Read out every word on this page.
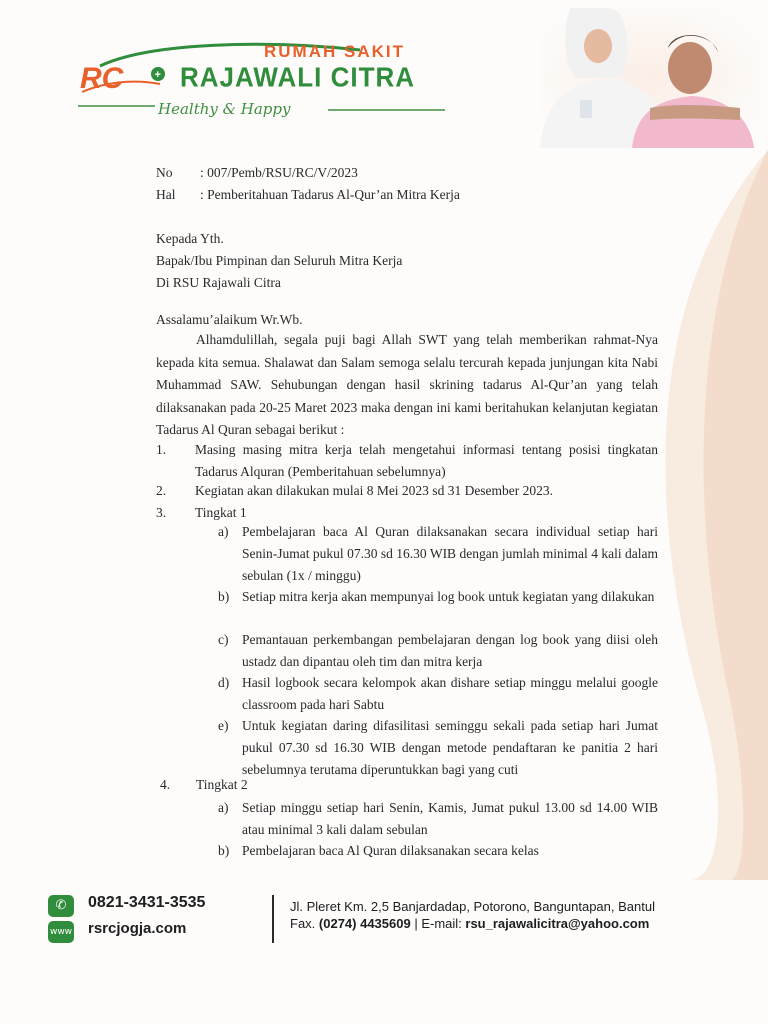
+
RC
RUMAH SAKIT
RAJAWALI CITRA
Healthy & Happy
No : 007/Pemb/RSU/RC/V/2023
Hal : Pemberitahuan Tadarus Al-Qur’an Mitra Kerja
Kepada Yth.
Bapak/Ibu Pimpinan dan Seluruh Mitra Kerja
Di RSU Rajawali Citra
Assalamu’alaikum Wr.Wb.
Alhamdulillah, segala puji bagi Allah SWT yang telah memberikan rahmat-Nya kepada kita semua. Shalawat dan Salam semoga selalu tercurah kepada junjungan kita Nabi Muhammad SAW. Sehubungan dengan hasil skrining tadarus Al-Qur’an yang telah dilaksanakan pada 20-25 Maret 2023 maka dengan ini kami beritahukan kelanjutan kegiatan Tadarus Al Quran sebagai berikut :
1. Masing masing mitra kerja telah mengetahui informasi tentang posisi tingkatan Tadarus Alquran (Pemberitahuan sebelumnya)
2. Kegiatan akan dilakukan mulai 8 Mei 2023 sd 31 Desember 2023.
3. Tingkat 1
a) Pembelajaran baca Al Quran dilaksanakan secara individual setiap hari Senin-Jumat pukul 07.30 sd 16.30 WIB dengan jumlah minimal 4 kali dalam sebulan (1x / minggu)
b) Setiap mitra kerja akan mempunyai log book untuk kegiatan yang dilakukan
c) Pemantauan perkembangan pembelajaran dengan log book yang diisi oleh ustadz dan dipantau oleh tim dan mitra kerja
d) Hasil logbook secara kelompok akan dishare setiap minggu melalui google classroom pada hari Sabtu
e) Untuk kegiatan daring difasilitasi seminggu sekali pada setiap hari Jumat pukul 07.30 sd 16.30 WIB dengan metode pendaftaran ke panitia 2 hari sebelumnya terutama diperuntukkan bagi yang cuti
4. Tingkat 2
a) Setiap minggu setiap hari Senin, Kamis, Jumat pukul 13.00 sd 14.00 WIB atau minimal 3 kali dalam sebulan
b) Pembelajaran baca Al Quran dilaksanakan secara kelas
✆
www
0821-3431-3535
rsrcjogja.com
Jl. Pleret Km. 2,5 Banjardadap, Potorono, Banguntapan, Bantul
Fax. (0274) 4435609 | E-mail: rsu_rajawalicitra@yahoo.com
